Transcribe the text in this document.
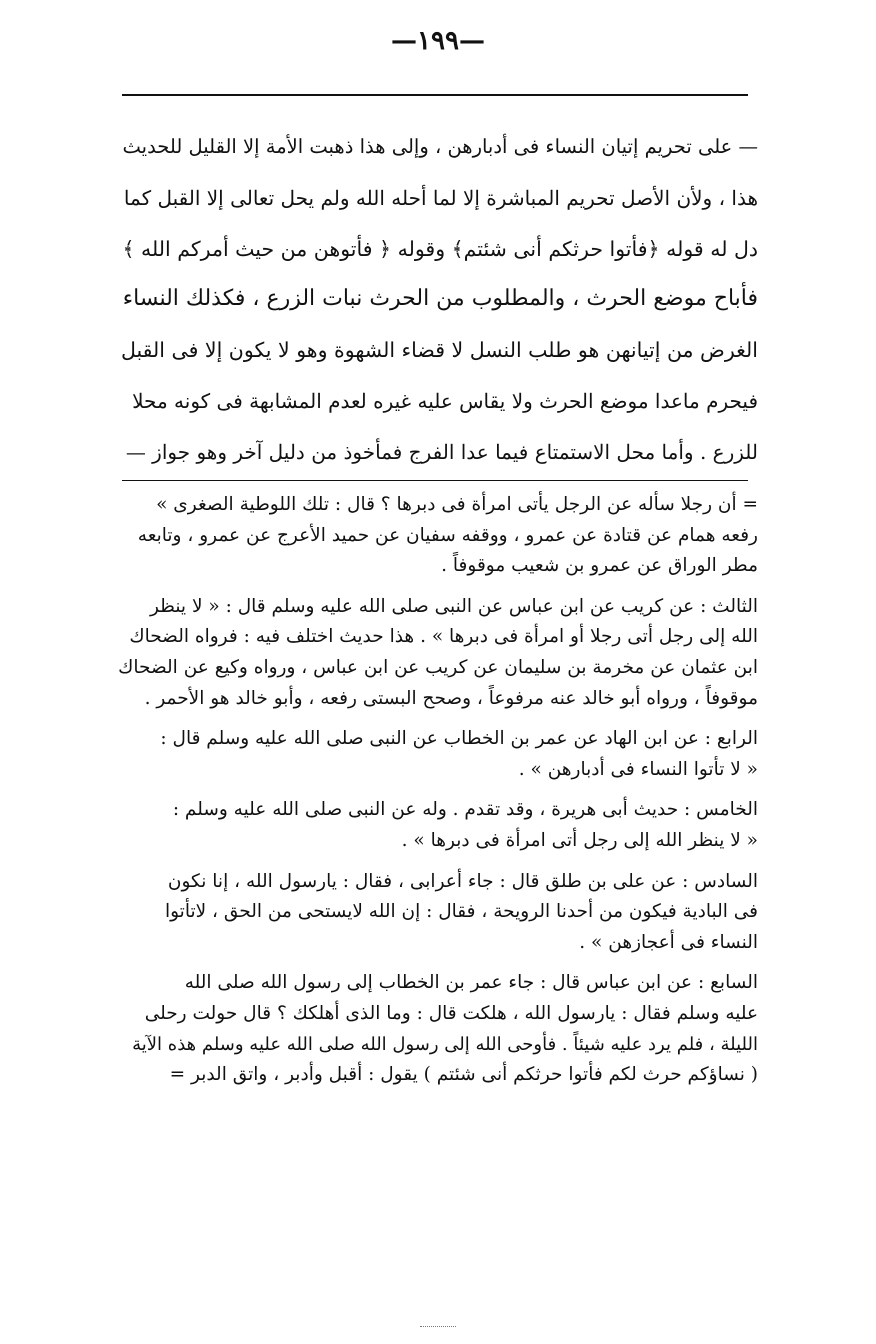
—١٩٩—
— على تحريم إتيان النساء فى أدبارهن ، وإلى هذا ذهبت الأمة إلا القليل للحديث
هذا ، ولأن الأصل تحريم المباشرة إلا لما أحله الله ولم يحل تعالى إلا القبل كما
دل له قوله ﴿فأتوا حرثكم أنى شئتم﴾ وقوله ﴿ فأتوهن من حيث أمركم الله ﴾
فأباح موضع الحرث ، والمطلوب من الحرث نبات الزرع ، فكذلك النساء
الغرض من إتيانهن هو طلب النسل لا قضاء الشهوة وهو لا يكون إلا فى القبل
فيحرم ماعدا موضع الحرث ولا يقاس عليه غيره لعدم المشابهة فى كونه محلا
للزرع . وأما محل الاستمتاع فيما عدا الفرج فمأخوذ من دليل آخر وهو جواز —
= أن رجلا سأله عن الرجل يأتى امرأة فى دبرها ؟ قال : تلك اللوطية الصغرى »
رفعه همام عن قتادة عن عمرو ، ووقفه سفيان عن حميد الأعرج عن عمرو ، وتابعه
مطر الوراق عن عمرو بن شعيب موقوفاً .
الثالث : عن كريب عن ابن عباس عن النبى صلى الله عليه وسلم قال : « لا ينظر
الله إلى رجل أتى رجلا أو امرأة فى دبرها » . هذا حديث اختلف فيه : فرواه الضحاك
ابن عثمان عن مخرمة بن سليمان عن كريب عن ابن عباس ، ورواه وكيع عن الضحاك
موقوفاً ، ورواه أبو خالد عنه مرفوعاً ، وصحح البستى رفعه ، وأبو خالد هو الأحمر .
الرابع : عن ابن الهاد عن عمر بن الخطاب عن النبى صلى الله عليه وسلم قال :
« لا تأتوا النساء فى أدبارهن » .
الخامس : حديث أبى هريرة ، وقد تقدم . وله عن النبى صلى الله عليه وسلم :
« لا ينظر الله إلى رجل أتى امرأة فى دبرها » .
السادس : عن على بن طلق قال : جاء أعرابى ، فقال : يارسول الله ، إنا نكون
فى البادية فيكون من أحدنا الرويحة ، فقال : إن الله لايستحى من الحق ، لاتأتوا
النساء فى أعجازهن » .
السابع : عن ابن عباس قال : جاء عمر بن الخطاب إلى رسول الله صلى الله
عليه وسلم فقال : يارسول الله ، هلكت قال : وما الذى أهلكك ؟ قال حولت رحلى
الليلة ، فلم يرد عليه شيئاً . فأوحى الله إلى رسول الله صلى الله عليه وسلم هذه الآية
( نساؤكم حرث لكم فأتوا حرثكم أنى شئتم ) يقول : أقبل وأدبر ، واتق الدبر =
